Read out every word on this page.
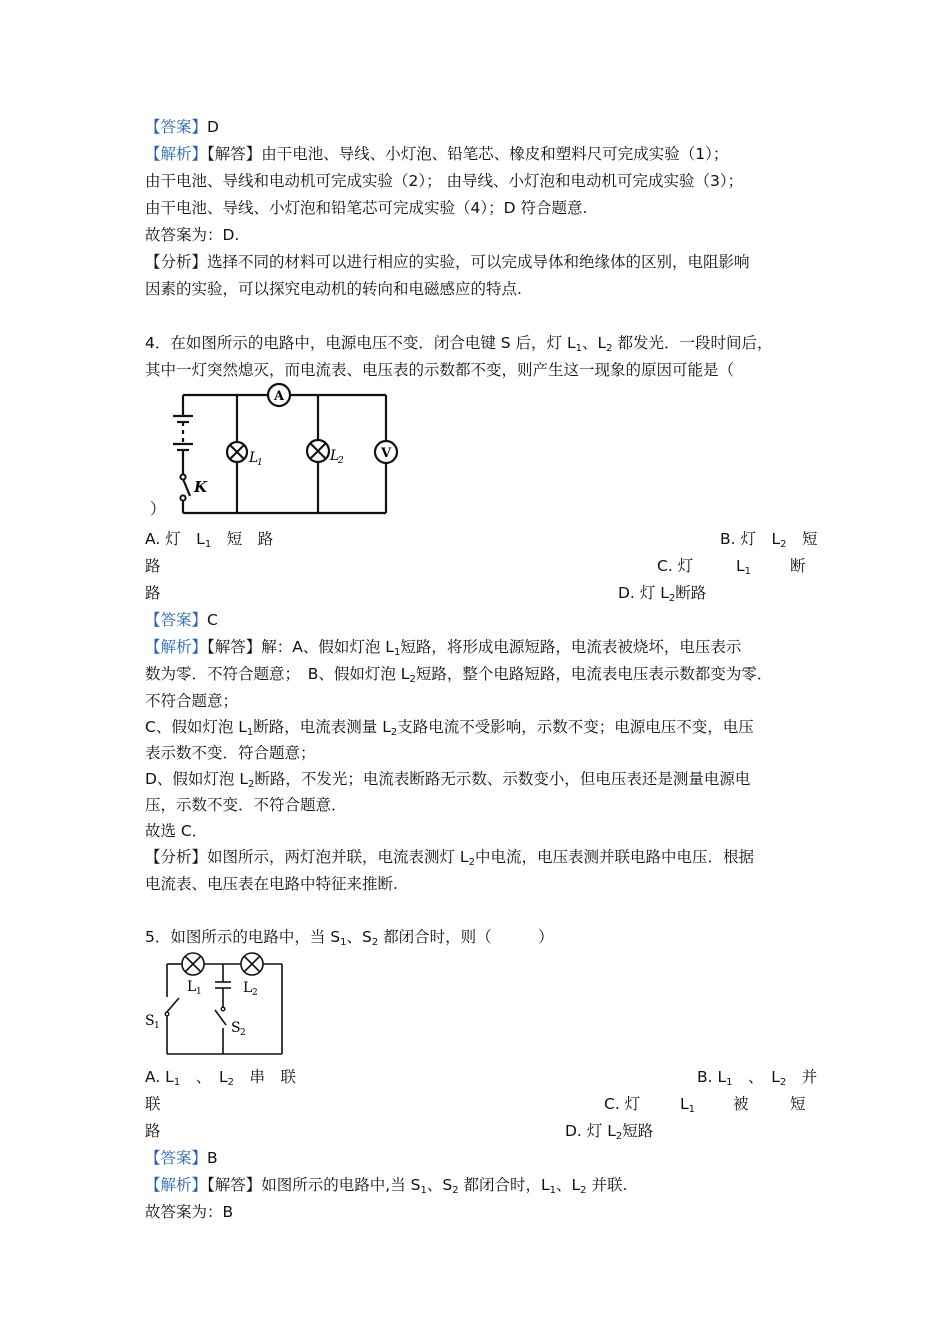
【答案】D
【解析】【解答】由干电池、导线、小灯泡、铅笔芯、橡皮和塑料尺可完成实验（1）；
由干电池、导线和电动机可完成实验（2）； 由导线、小灯泡和电动机可完成实验（3）；
由干电池、导线、小灯泡和铅笔芯可完成实验（4）；D 符合题意.
故答案为：D.
【分析】选择不同的材料可以进行相应的实验，可以完成导体和绝缘体的区别，电阻影响
因素的实验，可以探究电动机的转向和电磁感应的特点.
4．在如图所示的电路中，电源电压不变．闭合电键 S 后，灯 $L_1$、$L_2$ 都发光．一段时间后，
其中一灯突然熄灭，而电流表、电压表的示数都不变，则产生这一现象的原因可能是（
A
V
L
1	L
2
K
）
A. 灯　$L_1$　短　路	B. 灯　$L_2$　短
路	C. 灯	$L_1$	断
路	D. 灯 $L_2$断路
【答案】C
【解析】【解答】解：A、假如灯泡 $L_1$短路，将形成电源短路，电流表被烧坏，电压表示
数为零．不符合题意；　B、假如灯泡 $L_2$短路，整个电路短路，电流表电压表示数都变为零．
不符合题意；
C、假如灯泡 $L_1$断路，电流表测量 $L_2$支路电流不受影响，示数不变；电源电压不变，电压
表示数不变．符合题意；
D、假如灯泡 $L_2$断路，不发光；电流表断路无示数、示数变小，但电压表还是测量电源电
压，示数不变．不符合题意．
故选 C．
【分析】如图所示，两灯泡并联，电流表测灯 $L_2$中电流，电压表测并联电路中电压．根据
电流表、电压表在电路中特征来推断.
5．如图所示的电路中，当 $S_1$、$S_2$ 都闭合时，则（　　　）
L 1	L 2
S 1	S 2
A. $L_1$　、　$L_2$　串　联	B. $L_1$　、　$L_2$　并
联	C. 灯	$L_1$ 被	短
路	D. 灯 $L_2$短路
【答案】B
【解析】【解答】如图所示的电路中,当 $S_1$、$S_2$ 都闭合时，$L_1$、$L_2$ 并联.
故答案为：B
